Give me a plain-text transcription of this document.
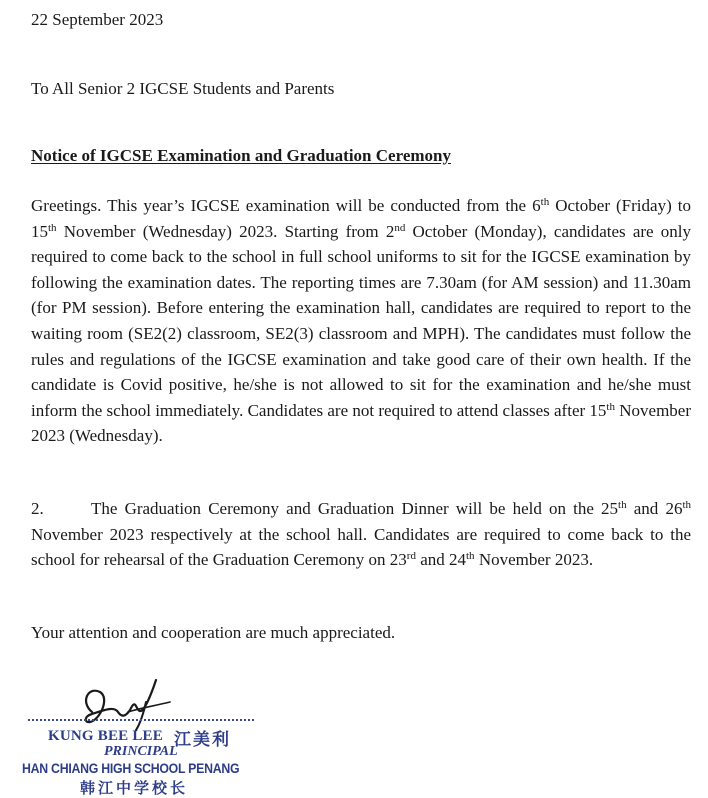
22 September 2023
To All Senior 2 IGCSE Students and Parents
Notice of IGCSE Examination and Graduation Ceremony
Greetings. This year’s IGCSE examination will be conducted from the 6th October (Friday) to 15th November (Wednesday) 2023. Starting from 2nd October (Monday), candidates are only required to come back to the school in full school uniforms to sit for the IGCSE examination by following the examination dates. The reporting times are 7.30am (for AM session) and 11.30am (for PM session). Before entering the examination hall, candidates are required to report to the waiting room (SE2(2) classroom, SE2(3) classroom and MPH). The candidates must follow the rules and regulations of the IGCSE examination and take good care of their own health. If the candidate is Covid positive, he/she is not allowed to sit for the examination and he/she must inform the school immediately. Candidates are not required to attend classes after 15th November 2023 (Wednesday).
2.	The Graduation Ceremony and Graduation Dinner will be held on the 25th and 26th November 2023 respectively at the school hall. Candidates are required to come back to the school for rehearsal of the Graduation Ceremony on 23rd and 24th November 2023.
Your attention and cooperation are much appreciated.
KUNG BEE LEE 江美利
PRINCIPAL
HAN CHIANG HIGH SCHOOL PENANG
韩江中学校长
